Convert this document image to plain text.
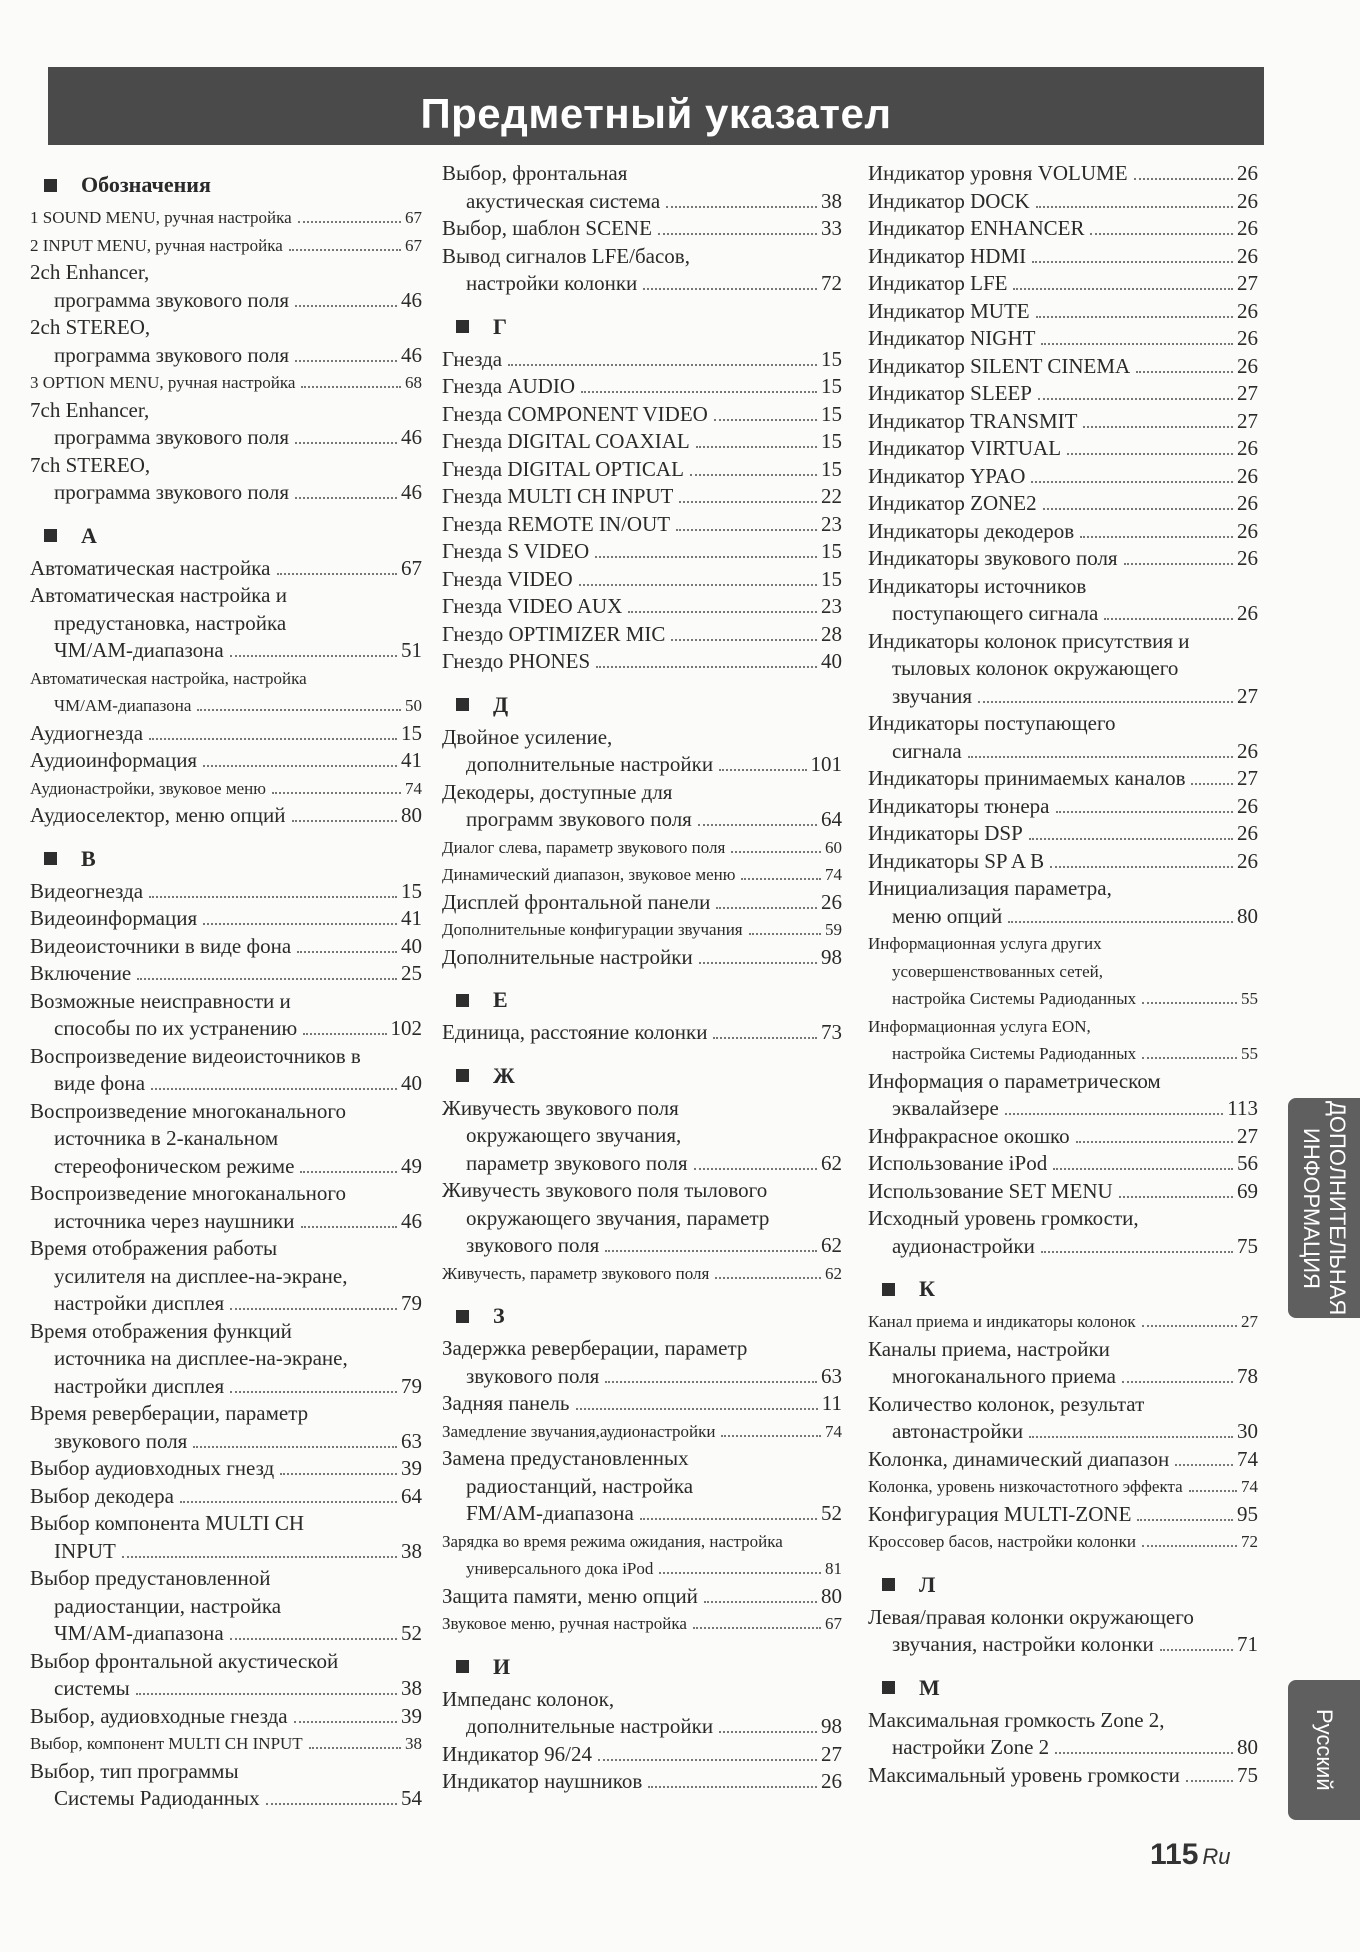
Предметный указател
Обозначения
1 SOUND MENU, ручная настройка	67
2 INPUT MENU, ручная настройка	67
2ch Enhancer,
программа звукового поля	46
2ch STEREO,
программа звукового поля	46
3 OPTION MENU, ручная настройка	68
7ch Enhancer,
программа звукового поля	46
7ch STEREO,
программа звукового поля	46
A
Автоматическая настройка	67
Автоматическая настройка и
предустановка, настройка
ЧМ/АМ-диапазона	51
Автоматическая настройка, настройка
ЧМ/АМ-диапазона	50
Аудиогнезда	15
Аудиоинформация	41
Аудионастройки, звуковое меню	74
Аудиоселектор, меню опций	80
B
Видеогнезда	15
Видеоинформация	41
Видеоисточники в виде фона	40
Включение	25
Возможные неисправности и
способы по их устранению	102
Воспроизведение видеоисточников в
виде фона	40
Воспроизведение многоканального
источника в 2-канальном
стереофоническом режиме	49
Воспроизведение многоканального
источника через наушники	46
Время отображения работы
усилителя на дисплее-на-экране,
настройки дисплея	79
Время отображения функций
источника на дисплее-на-экране,
настройки дисплея	79
Время реверберации, параметр
звукового поля	63
Выбор аудиовходных гнезд	39
Выбор декодера	64
Выбор компонента MULTI CH
INPUT	38
Выбор предустановленной
радиостанции, настройка
ЧМ/АМ-диапазона	52
Выбор фронтальной акустической
системы	38
Выбор, аудиовходные гнезда	39
Выбор, компонент MULTI CH INPUT	38
Выбор, тип программы
Системы Радиоданных	54
Выбор, фронтальная
акустическая система	38
Выбор, шаблон SCENE	33
Вывод сигналов LFE/басов,
настройки колонки	72
Г
Гнезда	15
Гнезда AUDIO	15
Гнезда COMPONENT VIDEO	15
Гнезда DIGITAL COAXIAL	15
Гнезда DIGITAL OPTICAL	15
Гнезда MULTI CH INPUT	22
Гнезда REMOTE IN/OUT	23
Гнезда S VIDEO	15
Гнезда VIDEO	15
Гнезда VIDEO AUX	23
Гнездо OPTIMIZER MIC	28
Гнездо PHONES	40
Д
Двойное усиление,
дополнительные настройки	101
Декодеры, доступные для
программ звукового поля	64
Диалог слева, параметр звукового поля	60
Динамический диапазон, звуковое меню	74
Дисплей фронтальной панели	26
Дополнительные конфигурации звучания	59
Дополнительные настройки	98
Е
Единица, расстояние колонки	73
Ж
Живучесть звукового поля
окружающего звучания,
параметр звукового поля	62
Живучесть звукового поля тылового
окружающего звучания, параметр
звукового поля	62
Живучесть, параметр звукового поля	62
З
Задержка реверберации, параметр
звукового поля	63
Задняя панель	11
Замедление звучания,аудионастройки	74
Замена предустановленных
радиостанций, настройка
FM/AM-диапазона	52
Зарядка во время режима ожидания, настройка
универсального дока iPod	81
Защита памяти, меню опций	80
Звуковое меню, ручная настройка	67
И
Импеданс колонок,
дополнительные настройки	98
Индикатор 96/24	27
Индикатор наушников	26
Индикатор уровня VOLUME	26
Индикатор DOCK	26
Индикатор ENHANCER	26
Индикатор HDMI	26
Индикатор LFE	27
Индикатор MUTE	26
Индикатор NIGHT	26
Индикатор SILENT CINEMA	26
Индикатор SLEEP	27
Индикатор TRANSMIT	27
Индикатор VIRTUAL	26
Индикатор YPAO	26
Индикатор ZONE2	26
Индикаторы декодеров	26
Индикаторы звукового поля	26
Индикаторы источников
поступающего сигнала	26
Индикаторы колонок присутствия и
тыловых колонок окружающего
звучания	27
Индикаторы поступающего
сигнала	26
Индикаторы принимаемых каналов 27
Индикаторы тюнера	26
Индикаторы DSP	26
Индикаторы SP A B	26
Инициализация параметра,
меню опций	80
Информационная услуга других
усовершенствованных сетей,
настройка Системы Радиоданных	55
Информационная услуга EON,
настройка Системы Радиоданных	55
Информация о параметрическом
эквалайзере	113
Инфракрасное окошко	27
Использование iPod	56
Использование SET MENU	69
Исходный уровень громкости,
аудионастройки	75
К
Канал приема и индикаторы колонок	27
Каналы приема, настройки
многоканального приема	78
Количество колонок, результат
автонастройки	30
Колонка, динамический диапазон	74
Колонка, уровень низкочастотного эффекта	74
Конфигурация MULTI-ZONE	95
Кроссовер басов, настройки колонки	72
Л
Левая/правая колонки окружающего
звучания, настройки колонки	71
М
Максимальная громкость Zone 2,
настройки Zone 2	80
Максимальный уровень громкости	75
ДОПОЛНИТЕЛЬНАЯ ИНФОРМАЦИЯ
Русский
115 Ru
